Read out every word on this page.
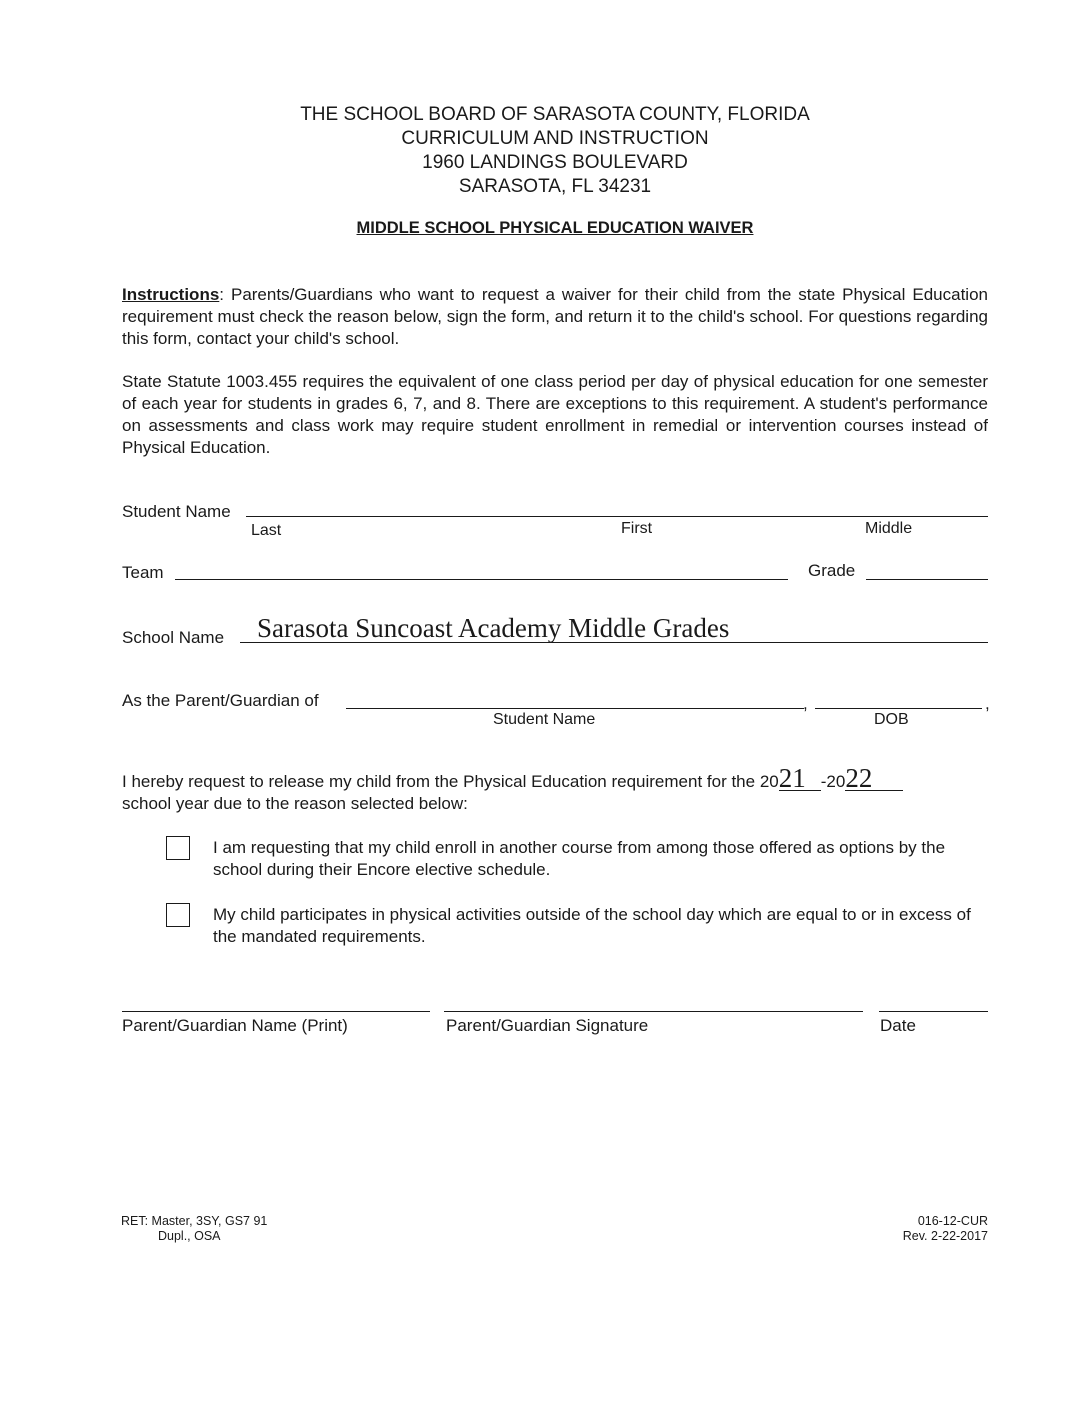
THE SCHOOL BOARD OF SARASOTA COUNTY, FLORIDA
CURRICULUM AND INSTRUCTION
1960 LANDINGS BOULEVARD
SARASOTA, FL 34231
MIDDLE SCHOOL PHYSICAL EDUCATION WAIVER
Instructions: Parents/Guardians who want to request a waiver for their child from the state Physical Education requirement must check the reason below, sign the form, and return it to the child's school. For questions regarding this form, contact your child's school.
State Statute 1003.455 requires the equivalent of one class period per day of physical education for one semester of each year for students in grades 6, 7, and 8. There are exceptions to this requirement. A student's performance on assessments and class work may require student enrollment in remedial or intervention courses instead of Physical Education.
Student Name
Last	First	Middle
Team	Grade
School Name Sarasota Suncoast Academy Middle Grades
As the Parent/Guardian of	,	,
Student Name	DOB
I hereby request to release my child from the Physical Education requirement for the 2021 -2022
school year due to the reason selected below:
I am requesting that my child enroll in another course from among those offered as options by the school during their Encore elective schedule.
My child participates in physical activities outside of the school day which are equal to or in excess of the mandated requirements.
Parent/Guardian Name (Print)	Parent/Guardian Signature	Date
RET: Master, 3SY, GS7 91
Dupl., OSA
016-12-CUR
Rev. 2-22-2017
